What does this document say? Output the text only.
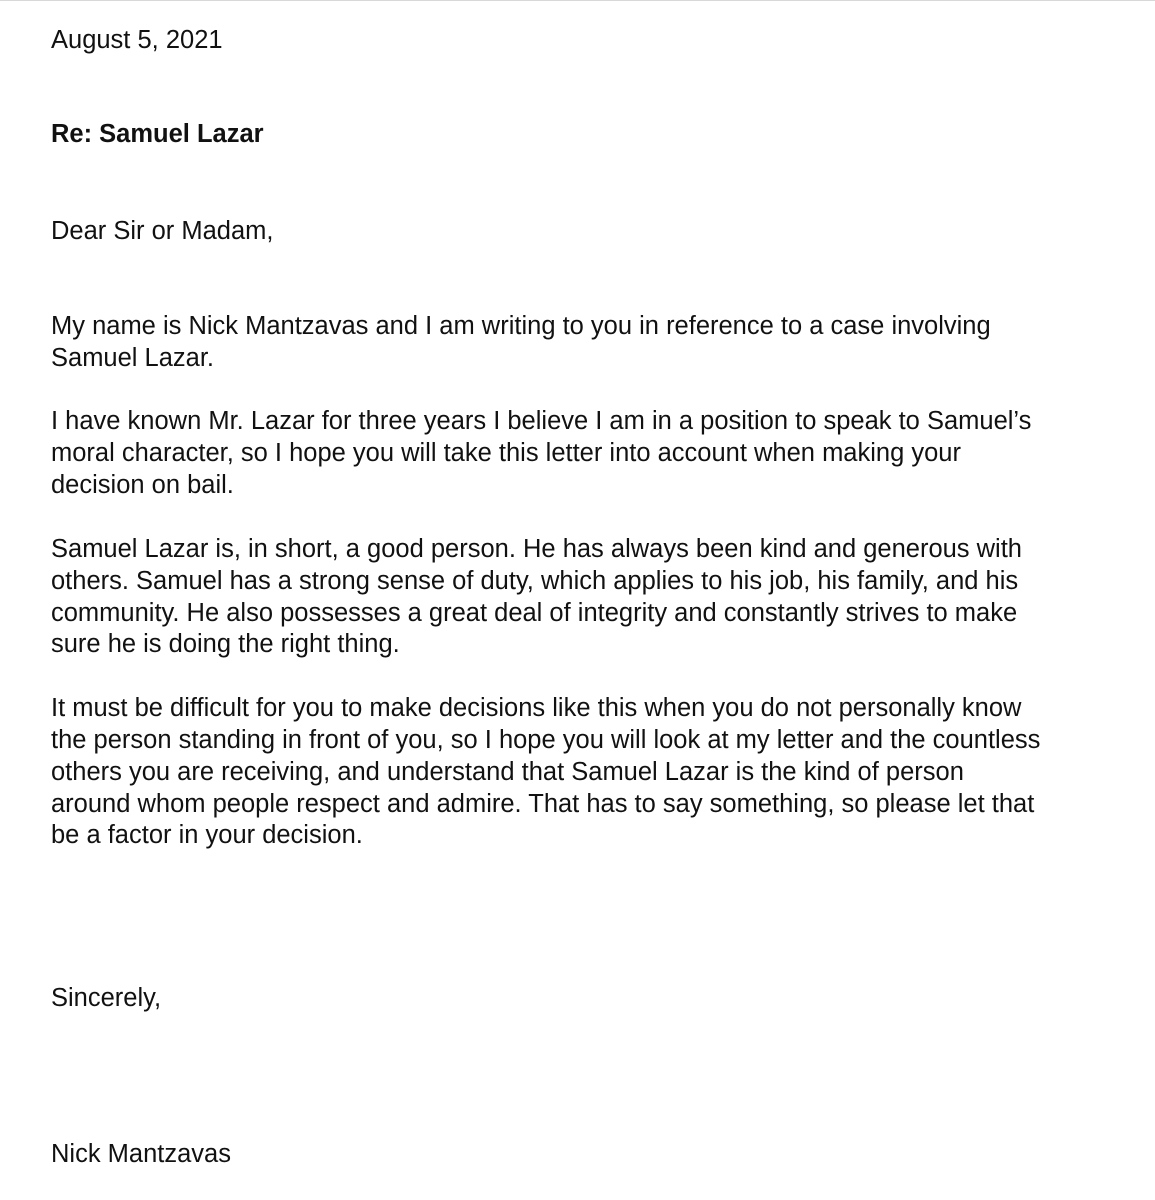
August 5, 2021
Re: Samuel Lazar
Dear Sir or Madam,
My name is Nick Mantzavas and I am writing to you in reference to a case involving
Samuel Lazar.
I have known Mr. Lazar for three years I believe I am in a position to speak to Samuel’s
moral character, so I hope you will take this letter into account when making your
decision on bail.
Samuel Lazar is, in short, a good person. He has always been kind and generous with
others. Samuel has a strong sense of duty, which applies to his job, his family, and his
community. He also possesses a great deal of integrity and constantly strives to make
sure he is doing the right thing.
It must be difficult for you to make decisions like this when you do not personally know
the person standing in front of you, so I hope you will look at my letter and the countless
others you are receiving, and understand that Samuel Lazar is the kind of person
around whom people respect and admire. That has to say something, so please let that
be a factor in your decision.
Sincerely,
Nick Mantzavas
